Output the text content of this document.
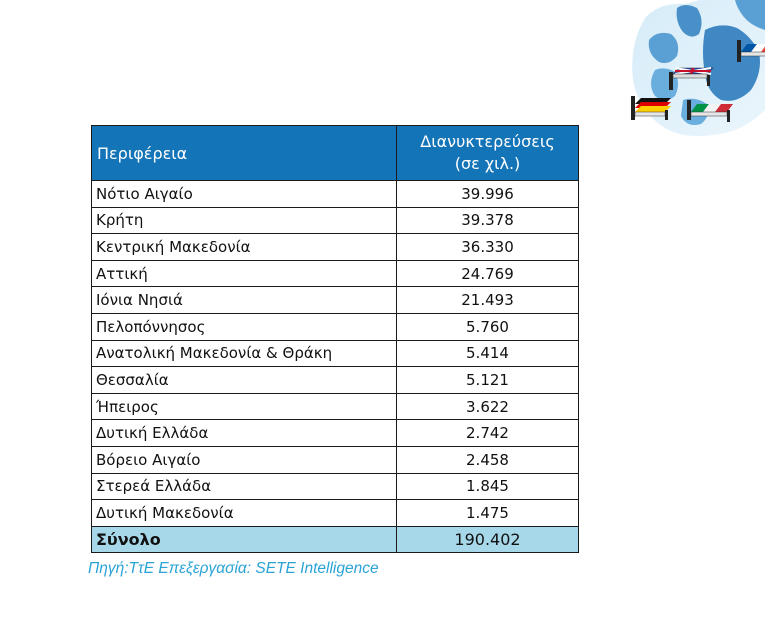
Περιφέρεια	Διανυκτερεύσεις
(σε χιλ.)
Νότιο Αιγαίο	39.996
Κρήτη	39.378
Κεντρική Μακεδονία	36.330
Αττική	24.769
Ιόνια Νησιά	21.493
Πελοπόννησος	5.760
Ανατολική Μακεδονία & Θράκη	5.414
Θεσσαλία	5.121
Ήπειρος	3.622
Δυτική Ελλάδα	2.742
Βόρειο Αιγαίο	2.458
Στερεά Ελλάδα	1.845
Δυτική Μακεδονία	1.475
Σύνολο	190.402
Πηγή:ΤτΕ Επεξεργασία: SETE Intelligence
